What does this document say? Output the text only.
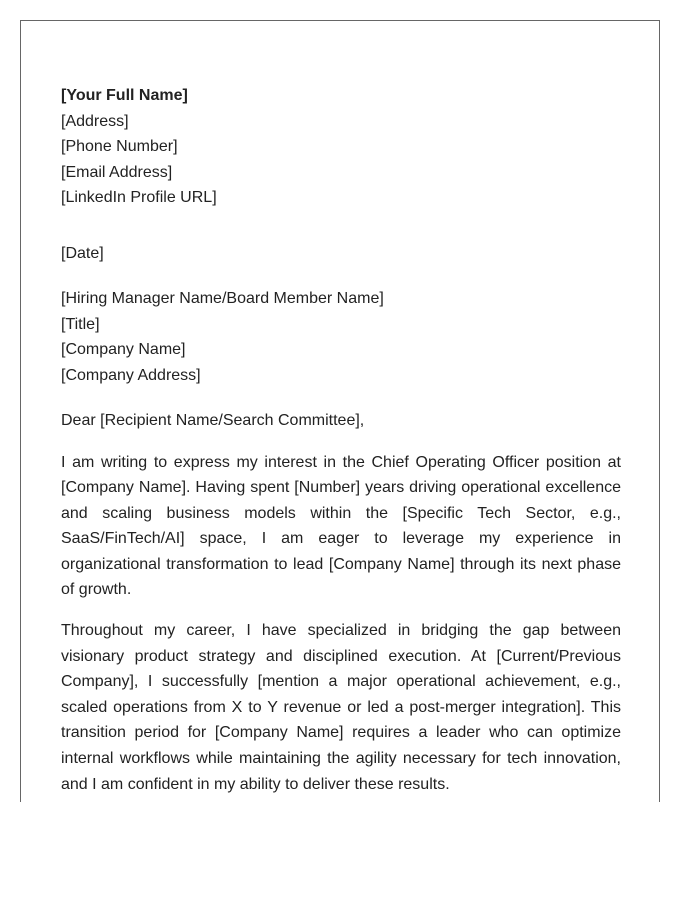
[Your Full Name]
[Address]
[Phone Number]
[Email Address]
[LinkedIn Profile URL]
[Date]
[Hiring Manager Name/Board Member Name]
[Title]
[Company Name]
[Company Address]
Dear [Recipient Name/Search Committee],

I am writing to express my interest in the Chief Operating Officer position at [Company Name]. Having spent [Number] years driving operational excellence and scaling business models within the [Specific Tech Sector, e.g., SaaS/FinTech/AI] space, I am eager to leverage my experience in organizational transformation to lead [Company Name] through its next phase of growth.

Throughout my career, I have specialized in bridging the gap between visionary product strategy and disciplined execution. At [Current/Previous Company], I successfully [mention a major operational achievement, e.g., scaled operations from X to Y revenue or led a post-merger integration]. This transition period for [Company Name] requires a leader who can optimize internal workflows while maintaining the agility necessary for tech innovation, and I am confident in my ability to deliver these results.
